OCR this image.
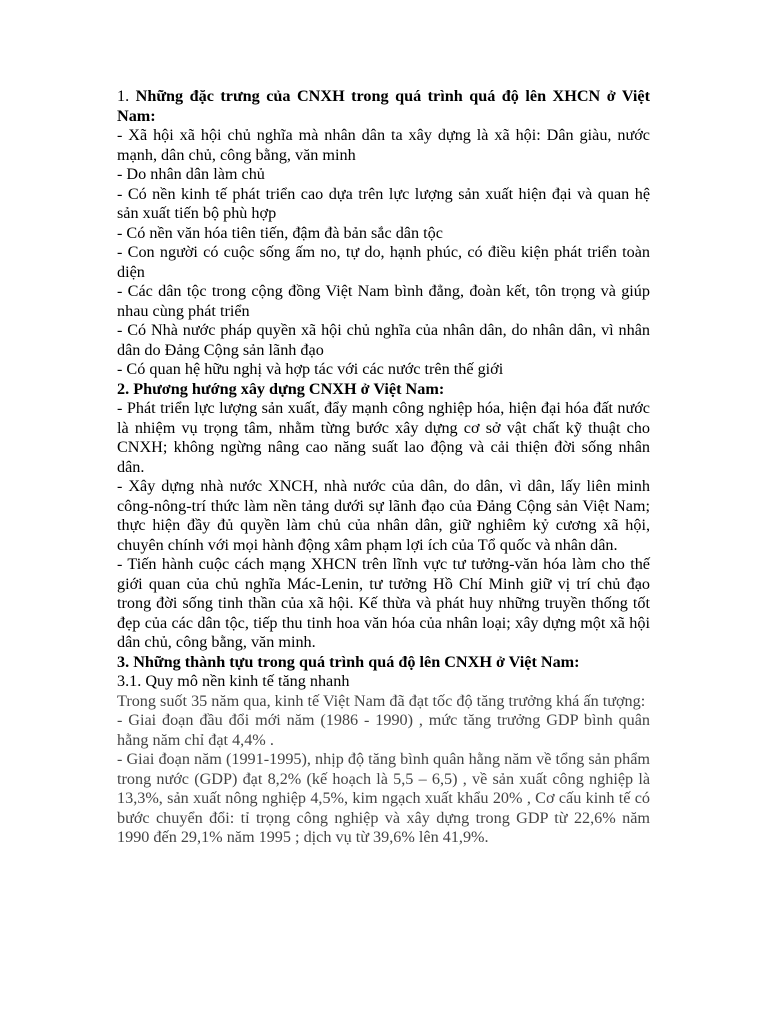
1. Những đặc trưng của CNXH trong quá trình quá độ lên XHCN ở Việt Nam:

- Xã hội xã hội chủ nghĩa mà nhân dân ta xây dựng là xã hội: Dân giàu, nước mạnh, dân chủ, công bằng, văn minh

- Do nhân dân làm chủ

- Có nền kinh tế phát triển cao dựa trên lực lượng sản xuất hiện đại và quan hệ sản xuất tiến bộ phù hợp

- Có nền văn hóa tiên tiến, đậm đà bản sắc dân tộc

- Con người có cuộc sống ấm no, tự do, hạnh phúc, có điều kiện phát triển toàn diện

- Các dân tộc trong cộng đồng Việt Nam bình đẳng, đoàn kết, tôn trọng và giúp nhau cùng phát triển

- Có Nhà nước pháp quyền xã hội chủ nghĩa của nhân dân, do nhân dân, vì nhân dân do Đảng Cộng sản lãnh đạo

- Có quan hệ hữu nghị và hợp tác với các nước trên thế giới

2. Phương hướng xây dựng CNXH ở Việt Nam:

- Phát triển lực lượng sản xuất, đẩy mạnh công nghiệp hóa, hiện đại hóa đất nước là nhiệm vụ trọng tâm, nhằm từng bước xây dựng cơ sở vật chất kỹ thuật cho CNXH; không ngừng nâng cao năng suất lao động và cải thiện đời sống nhân dân.

- Xây dựng nhà nước XNCH, nhà nước của dân, do dân, vì dân, lấy liên minh công-nông-trí thức làm nền tảng dưới sự lãnh đạo của Đảng Cộng sản Việt Nam; thực hiện đầy đủ quyền làm chủ của nhân dân, giữ nghiêm kỷ cương xã hội, chuyên chính với mọi hành động xâm phạm lợi ích của Tổ quốc và nhân dân.

- Tiến hành cuộc cách mạng XHCN trên lĩnh vực tư tưởng-văn hóa làm cho thế giới quan của chủ nghĩa Mác-Lenin, tư tưởng Hồ Chí Minh giữ vị trí chủ đạo trong đời sống tinh thần của xã hội. Kế thừa và phát huy những truyền thống tốt đẹp của các dân tộc, tiếp thu tinh hoa văn hóa của nhân loại; xây dựng một xã hội dân chủ, công bằng, văn minh.

3. Những thành tựu trong quá trình quá độ lên CNXH ở Việt Nam:

3.1. Quy mô nền kinh tế tăng nhanh

Trong suốt 35 năm qua, kinh tế Việt Nam đã đạt tốc độ tăng trưởng khá ấn tượng:

- Giai đoạn đầu đổi mới năm (1986 - 1990) , mức tăng trưởng GDP bình quân hằng năm chỉ đạt 4,4% .

- Giai đoạn năm (1991-1995), nhịp độ tăng bình quân hằng năm về tổng sản phẩm trong nước (GDP) đạt 8,2% (kế hoạch là 5,5 – 6,5) , về sản xuất công nghiệp là 13,3%, sản xuất nông nghiệp 4,5%, kim ngạch xuất khẩu 20% , Cơ cấu kinh tế có bước chuyển đổi: tỉ trọng công nghiệp và xây dựng trong GDP từ 22,6% năm 1990 đến 29,1% năm 1995 ; dịch vụ từ 39,6% lên 41,9%.
